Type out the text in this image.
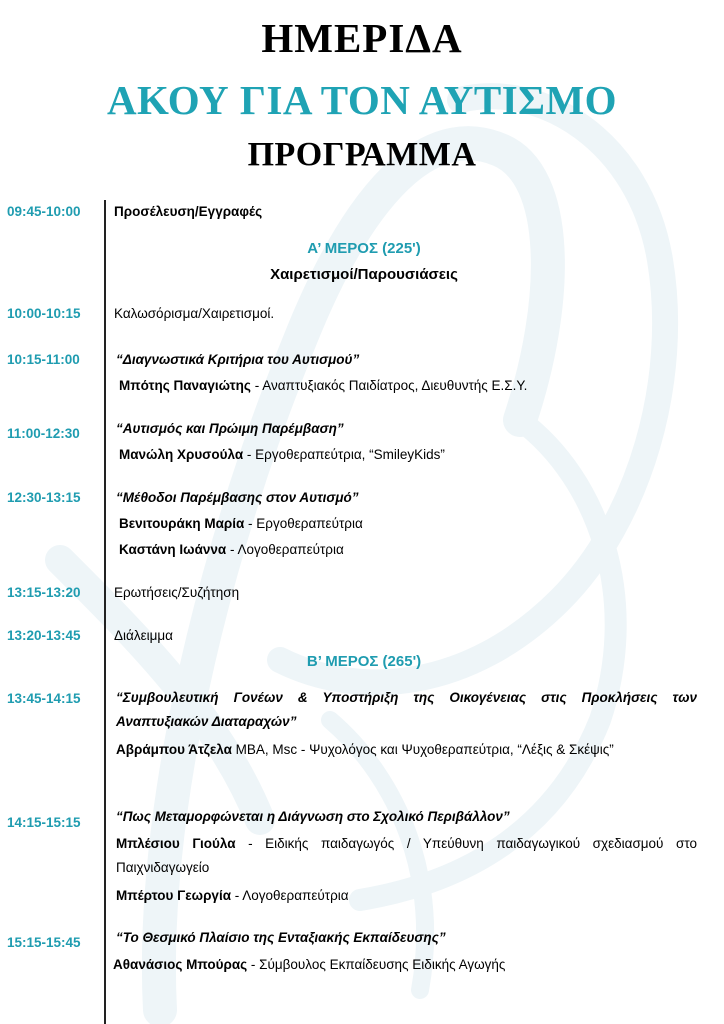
ΗΜΕΡΙΔΑ
ΑΚΟΥ ΓΙΑ ΤΟΝ ΑΥΤΙΣΜΟ
ΠΡΟΓΡΑΜΜΑ
09:45-10:00 Προσέλευση/Εγγραφές
Α’ ΜΕΡΟΣ (225')
Χαιρετισμοί/Παρουσιάσεις
10:00-10:15 Καλωσόρισμα/Χαιρετισμοί.
10:15-11:00	“Διαγνωστικά Κριτήρια του Αυτισμού”
Μπότης Παναγιώτης - Αναπτυξιακός Παιδίατρος, Διευθυντής Ε.Σ.Υ.
11:00-12:30	“Αυτισμός και Πρώιμη Παρέμβαση”
Μανώλη Χρυσούλα - Εργοθεραπεύτρια, “SmileyKids”
12:30-13:15	“Μέθοδοι Παρέμβασης στον Αυτισμό”
Βενιτουράκη Μαρία - Εργοθεραπεύτρια
Καστάνη Ιωάννα - Λογοθεραπεύτρια
13:15-13:20 Ερωτήσεις/Συζήτηση
13:20-13:45 Διάλειμμα
Β’ ΜΕΡΟΣ (265')
13:45-14:15	“Συμβουλευτική Γονέων & Υποστήριξη της Οικογένειας στις Προκλήσεις των Αναπτυξιακών Διαταραχών”
Αβράμπου Άτζελα MBA, Msc - Ψυχολόγος και Ψυχοθεραπεύτρια, “Λέξις & Σκέψις”
14:15-15:15	“Πως Μεταμορφώνεται η Διάγνωση στο Σχολικό Περιβάλλον”
Μπλέσιου Γιούλα - Ειδικής παιδαγωγός / Υπεύθυνη παιδαγωγικού σχεδιασμού στο Παιχνιδαγωγείο
Μπέρτου Γεωργία - Λογοθεραπεύτρια
15:15-15:45	“Το Θεσμικό Πλαίσιο της Ενταξιακής Εκπαίδευσης”
Αθανάσιος Μπούρας - Σύμβουλος Εκπαίδευσης Ειδικής Αγωγής
